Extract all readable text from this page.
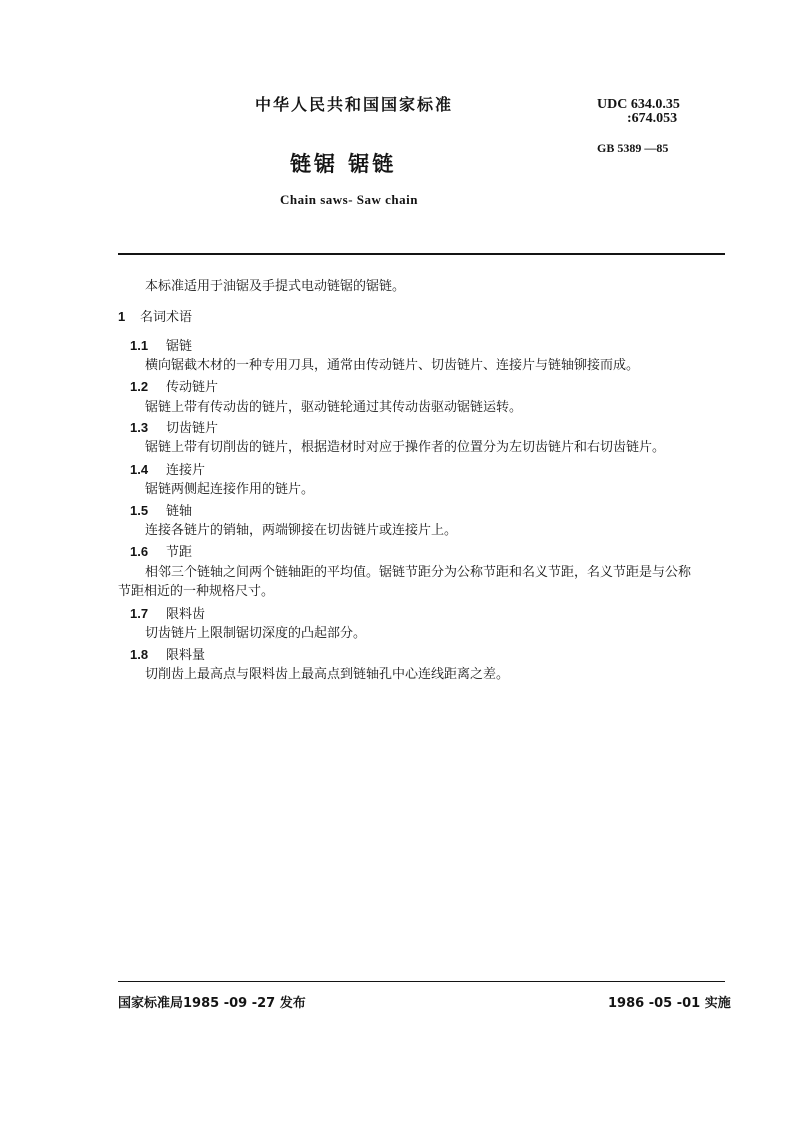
中华人民共和国国家标准	UDC 634.0.35
:674.053
GB 5389 —85
链锯 锯链
Chain saws- Saw chain
本标准适用于油锯及手提式电动链锯的锯链。
1 名词术语
1.1 锯链
横向锯截木材的一种专用刀具，通常由传动链片、切齿链片、连接片与链轴铆接而成。
1.2 传动链片
锯链上带有传动齿的链片，驱动链轮通过其传动齿驱动锯链运转。
1.3 切齿链片
锯链上带有切削齿的链片，根据造材时对应于操作者的位置分为左切齿链片和右切齿链片。
1.4 连接片
锯链两侧起连接作用的链片。
1.5 链轴
连接各链片的销轴，两端铆接在切齿链片或连接片上。
1.6 节距
相邻三个链轴之间两个链轴距的平均值。锯链节距分为公称节距和名义节距，名义节距是与公称
节距相近的一种规格尺寸。
1.7 限料齿
切齿链片上限制锯切深度的凸起部分。
1.8 限料量
切削齿上最高点与限料齿上最高点到链轴孔中心连线距离之差。
国家标准局1985 -09 -27 发布	1986 -05 -01 实施
